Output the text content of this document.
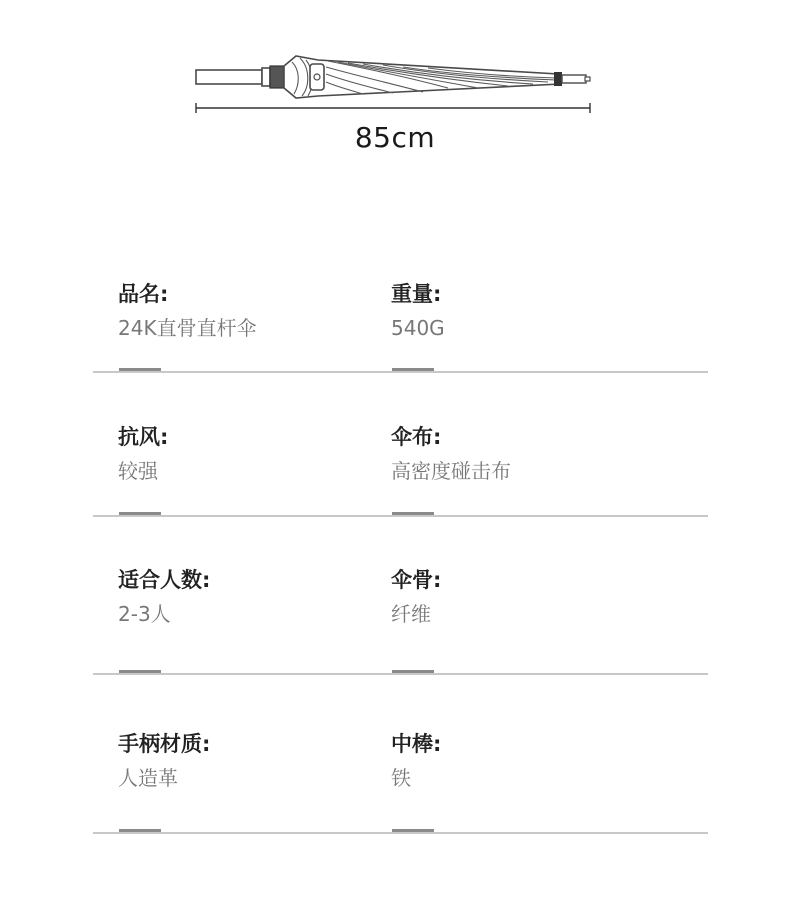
85cm
品名:
24K直骨直杆伞
重量:
540G
抗风:
较强
伞布:
高密度碰击布
适合人数:
2-3人
伞骨:
纤维
手柄材质:
人造革
中棒:
铁
